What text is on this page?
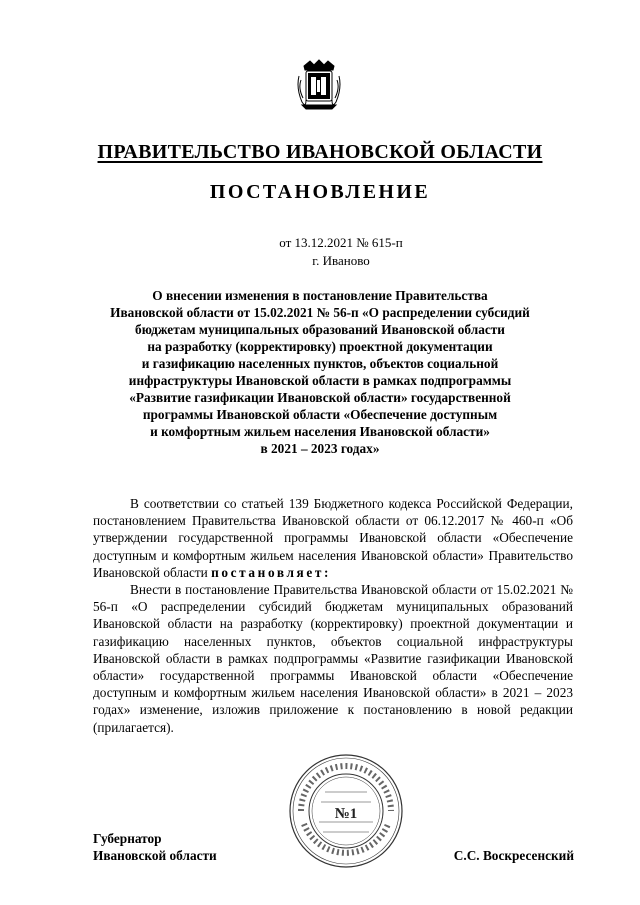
ПРАВИТЕЛЬСТВО ИВАНОВСКОЙ ОБЛАСТИ
ПОСТАНОВЛЕНИЕ
от 13.12.2021 № 615-п
г. Иваново
О внесении изменения в постановление Правительства
Ивановской области от 15.02.2021 № 56-п «О распределении субсидий
бюджетам муниципальных образований Ивановской области
на разработку (корректировку) проектной документации
и газификацию населенных пунктов, объектов социальной
инфраструктуры Ивановской области в рамках подпрограммы
«Развитие газификации Ивановской области» государственной
программы Ивановской области «Обеспечение доступным
и комфортным жильем населения Ивановской области»
в 2021 – 2023 годах»

В соответствии со статьей 139 Бюджетного кодекса Российской Федерации, постановлением Правительства Ивановской области от 06.12.2017 № 460-п «Об утверждении государственной программы Ивановской области «Обеспечение доступным и комфортным жильем населения Ивановской области» Правительство Ивановской области постановляет:

Внести в постановление Правительства Ивановской области от 15.02.2021 № 56-п «О распределении субсидий бюджетам муниципальных образований Ивановской области на разработку (корректировку) проектной документации и газификацию населенных пунктов, объектов социальной инфраструктуры Ивановской области в рамках подпрограммы «Развитие газификации Ивановской области» государственной программы Ивановской области «Обеспечение доступным и комфортным жильем населения Ивановской области» в 2021 – 2023 годах» изменение, изложив приложение к постановлению в новой редакции (прилагается).

Губернатор
Ивановской области	С.С. Воскресенский
№1
